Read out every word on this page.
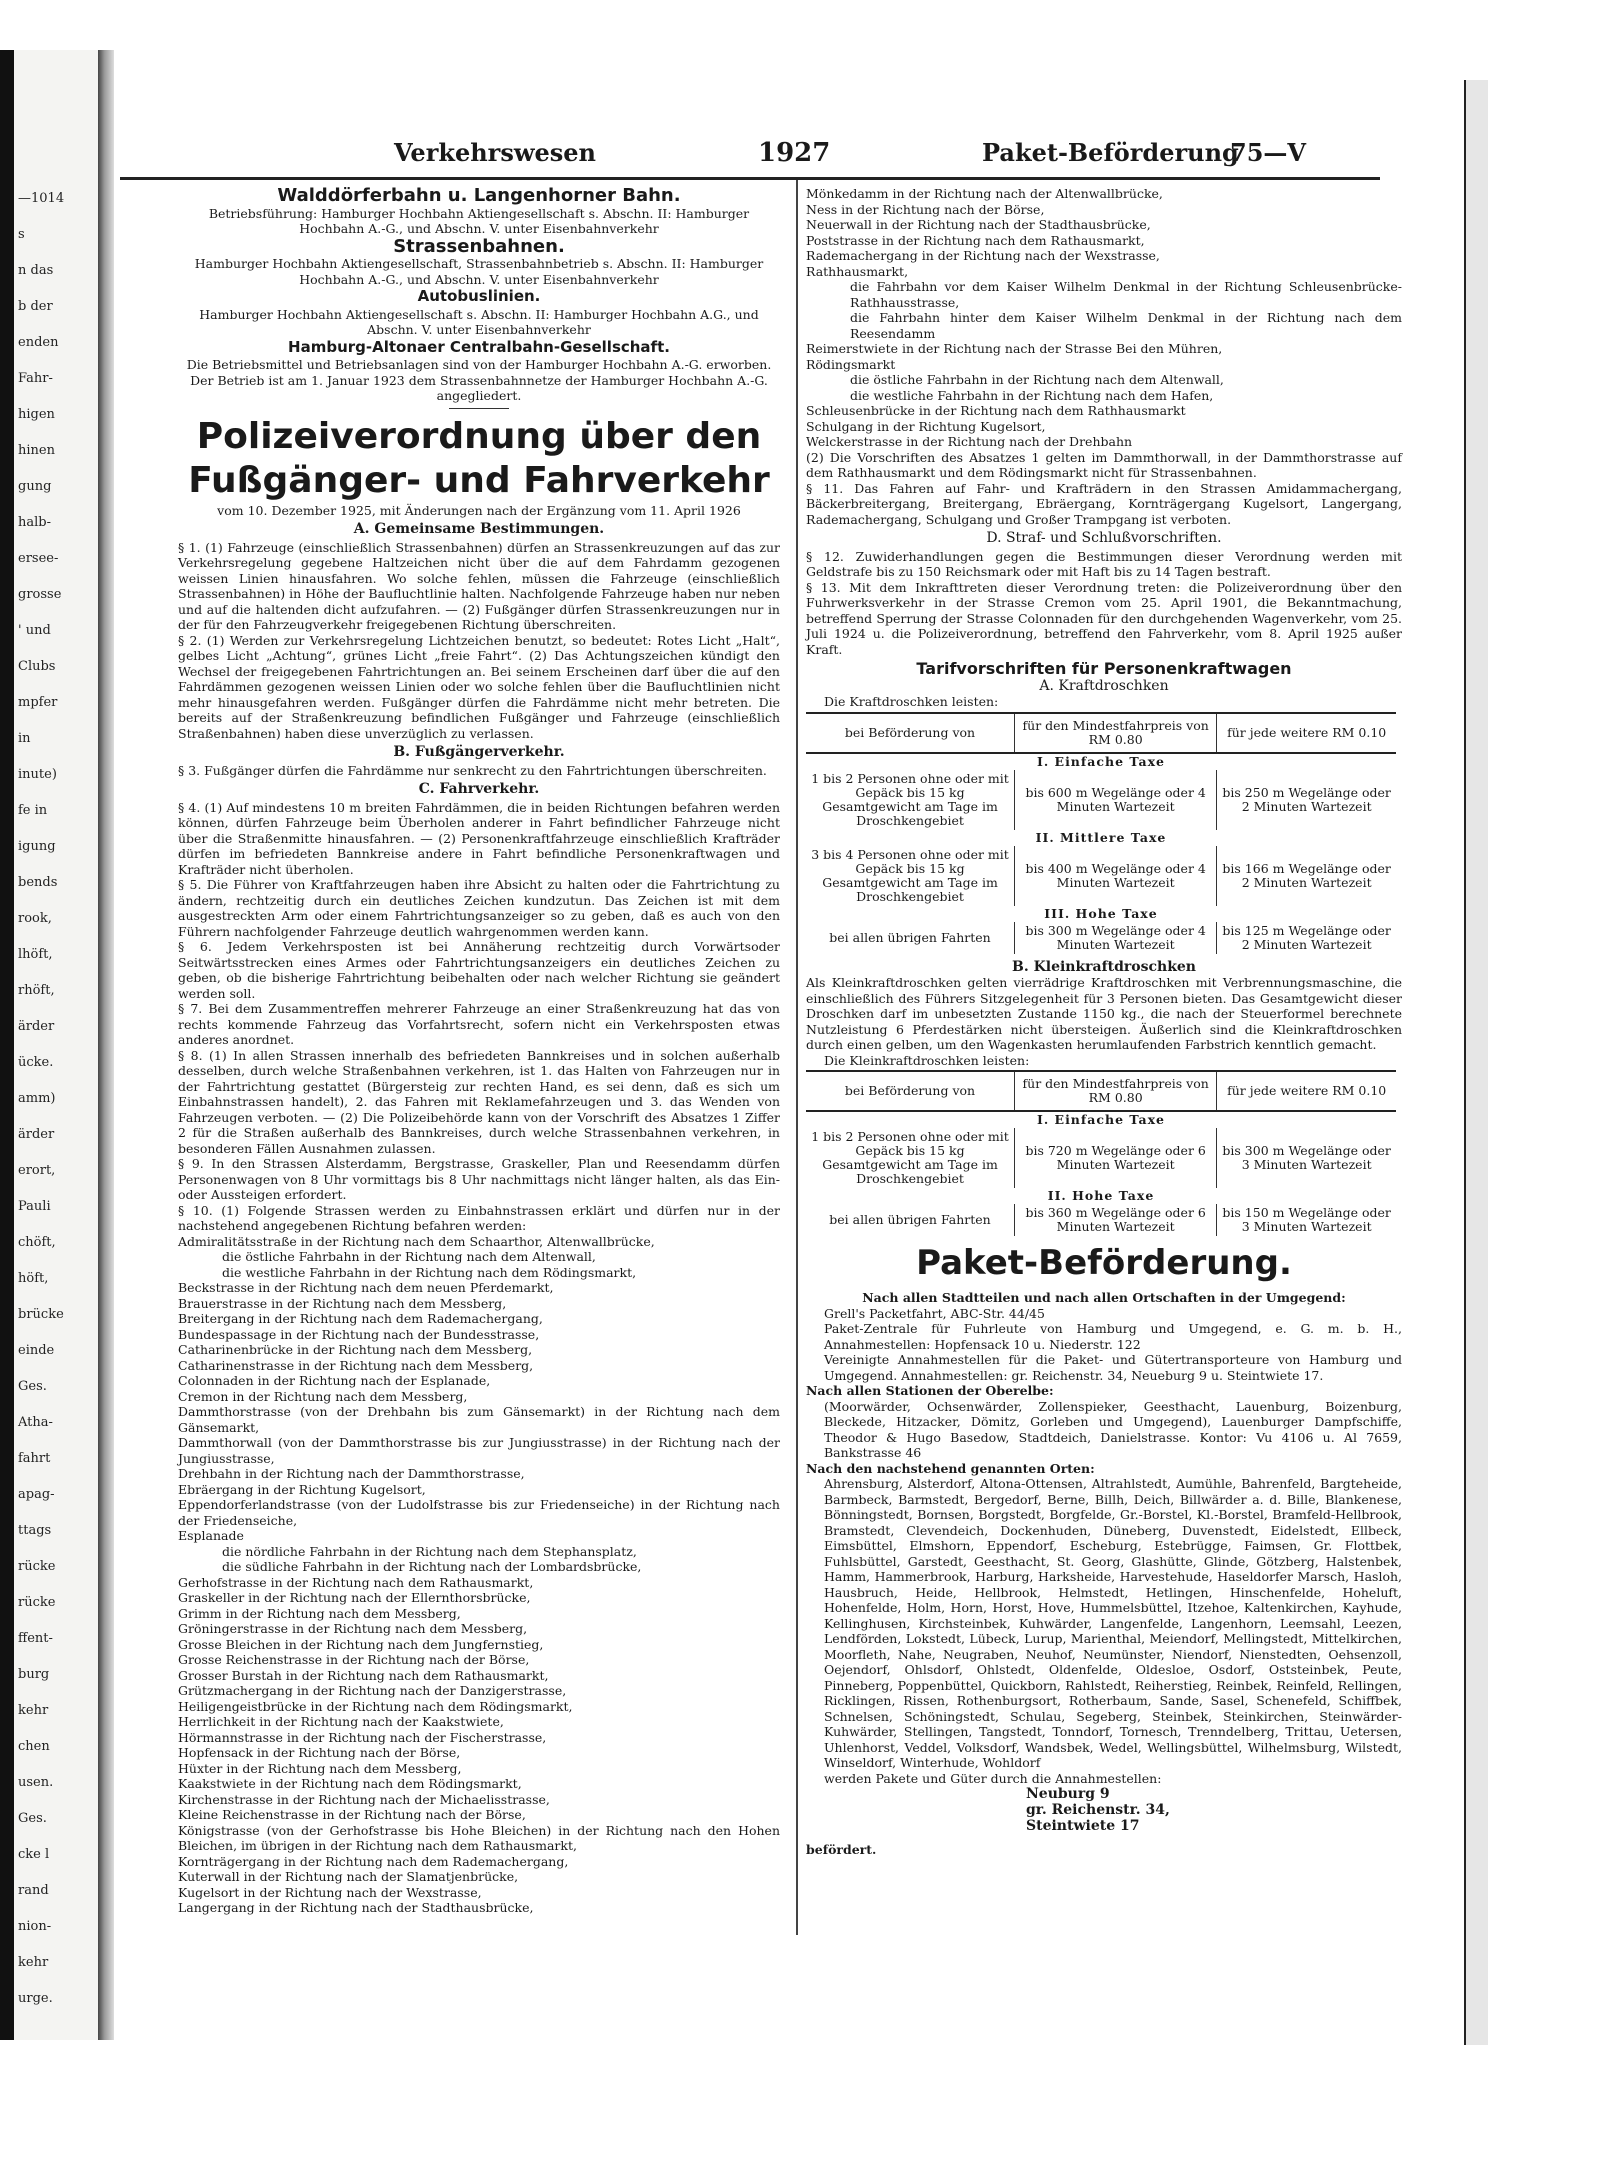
—1014
s
n das
b der
enden
Fahr-
higen
hinen
gung
halb-
ersee-
grosse
' und
Clubs
mpfer
in
inute)
fe in
igung
bends
rook,
lhöft,
rhöft,
ärder
ücke.
amm)
ärder
erort,
Pauli
chöft,
höft,
brücke
einde
Ges.
Atha-
fahrt
apag-
ttags
rücke
rücke
ffent-
burg
kehr
chen
usen.
Ges.
cke l
rand
nion-
kehr
urge.
Verkehrswesen	1927	Paket-Beförderung
75—V
Walddörferbahn u. Langenhorner Bahn.

Betriebsführung: Hamburger Hochbahn Aktiengesellschaft s. Abschn. II: Hamburger Hochbahn A.-G., und Abschn. V. unter Eisenbahnverkehr

Strassenbahnen.

Hamburger Hochbahn Aktiengesellschaft, Strassenbahnbetrieb s. Abschn. II: Hamburger Hochbahn A.-G., und Abschn. V. unter Eisenbahnverkehr

Autobuslinien.

Hamburger Hochbahn Aktiengesellschaft s. Abschn. II: Hamburger Hochbahn A.G., und Abschn. V. unter Eisenbahnverkehr

Hamburg-Altonaer Centralbahn-Gesellschaft.

Die Betriebsmittel und Betriebsanlagen sind von der Hamburger Hochbahn A.-G. erworben. Der Betrieb ist am 1. Januar 1923 dem Strassenbahnnetze der Hamburger Hochbahn A.-G. angegliedert.

Polizeiverordnung über den
Fußgänger- und Fahrverkehr

vom 10. Dezember 1925, mit Änderungen nach der Ergänzung vom 11. April 1926

A. Gemeinsame Bestimmungen.

§ 1. (1) Fahrzeuge (einschließlich Strassenbahnen) dürfen an Strassenkreuzungen auf das zur Verkehrsregelung gegebene Haltzeichen nicht über die auf dem Fahrdamm gezogenen weissen Linien hinausfahren. Wo solche fehlen, müssen die Fahrzeuge (einschließlich Strassenbahnen) in Höhe der Baufluchtlinie halten. Nachfolgende Fahrzeuge haben nur neben und auf die haltenden dicht aufzufahren. — (2) Fußgänger dürfen Strassenkreuzungen nur in der für den Fahrzeugverkehr freigegebenen Richtung überschreiten.

§ 2. (1) Werden zur Verkehrsregelung Lichtzeichen benutzt, so bedeutet: Rotes Licht „Halt“, gelbes Licht „Achtung“, grünes Licht „freie Fahrt“. (2) Das Achtungszeichen kündigt den Wechsel der freigegebenen Fahrtrichtungen an. Bei seinem Erscheinen darf über die auf den Fahrdämmen gezogenen weissen Linien oder wo solche fehlen über die Baufluchtlinien nicht mehr hinausgefahren werden. Fußgänger dürfen die Fahrdämme nicht mehr betreten. Die bereits auf der Straßenkreuzung befindlichen Fußgänger und Fahrzeuge (einschließlich Straßenbahnen) haben diese unverzüglich zu verlassen.

B. Fußgängerverkehr.

§ 3. Fußgänger dürfen die Fahrdämme nur senkrecht zu den Fahrtrichtungen überschreiten.

C. Fahrverkehr.

§ 4. (1) Auf mindestens 10 m breiten Fahrdämmen, die in beiden Richtungen befahren werden können, dürfen Fahrzeuge beim Überholen anderer in Fahrt befindlicher Fahrzeuge nicht über die Straßenmitte hinausfahren. — (2) Personenkraftfahrzeuge einschließlich Krafträder dürfen im befriedeten Bannkreise andere in Fahrt befindliche Personenkraftwagen und Krafträder nicht überholen.

§ 5. Die Führer von Kraftfahrzeugen haben ihre Absicht zu halten oder die Fahrtrichtung zu ändern, rechtzeitig durch ein deutliches Zeichen kundzutun. Das Zeichen ist mit dem ausgestreckten Arm oder einem Fahrtrichtungsanzeiger so zu geben, daß es auch von den Führern nachfolgender Fahrzeuge deutlich wahrgenommen werden kann.

§ 6. Jedem Verkehrsposten ist bei Annäherung rechtzeitig durch Vorwärtsoder Seitwärtsstrecken eines Armes oder Fahrtrichtungsanzeigers ein deutliches Zeichen zu geben, ob die bisherige Fahrtrichtung beibehalten oder nach welcher Richtung sie geändert werden soll.

§ 7. Bei dem Zusammentreffen mehrerer Fahrzeuge an einer Straßenkreuzung hat das von rechts kommende Fahrzeug das Vorfahrtsrecht, sofern nicht ein Verkehrsposten etwas anderes anordnet.

§ 8. (1) In allen Strassen innerhalb des befriedeten Bannkreises und in solchen außerhalb desselben, durch welche Straßenbahnen verkehren, ist 1. das Halten von Fahrzeugen nur in der Fahrtrichtung gestattet (Bürgersteig zur rechten Hand, es sei denn, daß es sich um Einbahnstrassen handelt), 2. das Fahren mit Reklamefahrzeugen und 3. das Wenden von Fahrzeugen verboten. — (2) Die Polizeibehörde kann von der Vorschrift des Absatzes 1 Ziffer 2 für die Straßen außerhalb des Bannkreises, durch welche Strassenbahnen verkehren, in besonderen Fällen Ausnahmen zulassen.

§ 9. In den Strassen Alsterdamm, Bergstrasse, Graskeller, Plan und Reesendamm dürfen Personenwagen von 8 Uhr vormittags bis 8 Uhr nachmittags nicht länger halten, als das Ein- oder Aussteigen erfordert.

§ 10. (1) Folgende Strassen werden zu Einbahnstrassen erklärt und dürfen nur in der nachstehend angegebenen Richtung befahren werden:

Admiralitätsstraße in der Richtung nach dem Schaarthor, Altenwallbrücke,

die östliche Fahrbahn in der Richtung nach dem Altenwall,

die westliche Fahrbahn in der Richtung nach dem Rödingsmarkt,

Beckstrasse in der Richtung nach dem neuen Pferdemarkt,

Brauerstrasse in der Richtung nach dem Messberg,

Breitergang in der Richtung nach dem Rademachergang,

Bundespassage in der Richtung nach der Bundesstrasse,

Catharinenbrücke in der Richtung nach dem Messberg,

Catharinenstrasse in der Richtung nach dem Messberg,

Colonnaden in der Richtung nach der Esplanade,

Cremon in der Richtung nach dem Messberg,

Dammthorstrasse (von der Drehbahn bis zum Gänsemarkt) in der Richtung nach dem Gänsemarkt,

Dammthorwall (von der Dammthorstrasse bis zur Jungiusstrasse) in der Richtung nach der Jungiusstrasse,

Drehbahn in der Richtung nach der Dammthorstrasse,

Ebräergang in der Richtung Kugelsort,

Eppendorferlandstrasse (von der Ludolfstrasse bis zur Friedenseiche) in der Richtung nach der Friedenseiche,

Esplanade

die nördliche Fahrbahn in der Richtung nach dem Stephansplatz,

die südliche Fahrbahn in der Richtung nach der Lombardsbrücke,

Gerhofstrasse in der Richtung nach dem Rathausmarkt,

Graskeller in der Richtung nach der Ellernthorsbrücke,

Grimm in der Richtung nach dem Messberg,

Gröningerstrasse in der Richtung nach dem Messberg,

Grosse Bleichen in der Richtung nach dem Jungfernstieg,

Grosse Reichenstrasse in der Richtung nach der Börse,

Grosser Burstah in der Richtung nach dem Rathausmarkt,

Grützmachergang in der Richtung nach der Danzigerstrasse,

Heiligengeistbrücke in der Richtung nach dem Rödingsmarkt,

Herrlichkeit in der Richtung nach der Kaakstwiete,

Hörmannstrasse in der Richtung nach der Fischerstrasse,

Hopfensack in der Richtung nach der Börse,

Hüxter in der Richtung nach dem Messberg,

Kaakstwiete in der Richtung nach dem Rödingsmarkt,

Kirchenstrasse in der Richtung nach der Michaelisstrasse,

Kleine Reichenstrasse in der Richtung nach der Börse,

Königstrasse (von der Gerhofstrasse bis Hohe Bleichen) in der Richtung nach den Hohen Bleichen, im übrigen in der Richtung nach dem Rathausmarkt,

Kornträgergang in der Richtung nach dem Rademachergang,

Kuterwall in der Richtung nach der Slamatjenbrücke,

Kugelsort in der Richtung nach der Wexstrasse,

Langergang in der Richtung nach der Stadthausbrücke,

Mönkedamm in der Richtung nach der Altenwallbrücke,

Ness in der Richtung nach der Börse,

Neuerwall in der Richtung nach der Stadthausbrücke,

Poststrasse in der Richtung nach dem Rathausmarkt,

Rademachergang in der Richtung nach der Wexstrasse,

Rathhausmarkt,

die Fahrbahn vor dem Kaiser Wilhelm Denkmal in der Richtung Schleusenbrücke-Rathhausstrasse,

die Fahrbahn hinter dem Kaiser Wilhelm Denkmal in der Richtung nach dem Reesendamm

Reimerstwiete in der Richtung nach der Strasse Bei den Mühren,

Rödingsmarkt

die östliche Fahrbahn in der Richtung nach dem Altenwall,

die westliche Fahrbahn in der Richtung nach dem Hafen,

Schleusenbrücke in der Richtung nach dem Rathhausmarkt

Schulgang in der Richtung Kugelsort,

Welckerstrasse in der Richtung nach der Drehbahn

(2) Die Vorschriften des Absatzes 1 gelten im Dammthorwall, in der Dammthorstrasse auf dem Rathhausmarkt und dem Rödingsmarkt nicht für Strassenbahnen.

§ 11. Das Fahren auf Fahr- und Krafträdern in den Strassen Amidammachergang, Bäckerbreitergang, Breitergang, Ebräergang, Kornträgergang Kugelsort, Langergang, Rademachergang, Schulgang und Großer Trampgang ist verboten.

D. Straf- und Schlußvorschriften.

§ 12. Zuwiderhandlungen gegen die Bestimmungen dieser Verordnung werden mit Geldstrafe bis zu 150 Reichsmark oder mit Haft bis zu 14 Tagen bestraft.

§ 13. Mit dem Inkrafttreten dieser Verordnung treten: die Polizeiverordnung über den Fuhrwerksverkehr in der Strasse Cremon vom 25. April 1901, die Bekanntmachung, betreffend Sperrung der Strasse Colonnaden für den durchgehenden Wagenverkehr, vom 25. Juli 1924 u. die Polizeiverordnung, betreffend den Fahrverkehr, vom 8. April 1925 außer Kraft.

Tarifvorschriften für Personenkraftwagen
A. Kraftdroschken

Die Kraftdroschken leisten:

bei Beförderung von	für den Mindestfahrpreis von RM 0.80	für jede weitere RM 0.10
I. Einfache Taxe		
1 bis 2 Personen ohne oder mit Gepäck bis 15 kg Gesamtgewicht am Tage im Droschkengebiet	bis 600 m Wegelänge oder 4 Minuten Wartezeit	bis 250 m Wegelänge oder 2 Minuten Wartezeit
II. Mittlere Taxe		
3 bis 4 Personen ohne oder mit Gepäck bis 15 kg Gesamtgewicht am Tage im Droschkengebiet	bis 400 m Wegelänge oder 4 Minuten Wartezeit	bis 166 m Wegelänge oder 2 Minuten Wartezeit
III. Hohe Taxe		
bei allen übrigen Fahrten	bis 300 m Wegelänge oder 4 Minuten Wartezeit	bis 125 m Wegelänge oder 2 Minuten Wartezeit
B. Kleinkraftdroschken

Als Kleinkraftdroschken gelten vierrädrige Kraftdroschken mit Verbrennungsmaschine, die einschließlich des Führers Sitzgelegenheit für 3 Personen bieten. Das Gesamtgewicht dieser Droschken darf im unbesetzten Zustande 1150 kg., die nach der Steuerformel berechnete Nutzleistung 6 Pferdestärken nicht übersteigen. Äußerlich sind die Kleinkraftdroschken durch einen gelben, um den Wagenkasten herumlaufenden Farbstrich kenntlich gemacht.

Die Kleinkraftdroschken leisten:

bei Beförderung von	für den Mindestfahrpreis von RM 0.80	für jede weitere RM 0.10
I. Einfache Taxe		
1 bis 2 Personen ohne oder mit Gepäck bis 15 kg Gesamtgewicht am Tage im Droschkengebiet	bis 720 m Wegelänge oder 6 Minuten Wartezeit	bis 300 m Wegelänge oder 3 Minuten Wartezeit
II. Hohe Taxe		
bei allen übrigen Fahrten	bis 360 m Wegelänge oder 6 Minuten Wartezeit	bis 150 m Wegelänge oder 3 Minuten Wartezeit
Paket-Beförderung.

Nach allen Stadtteilen und nach allen Ortschaften in der Umgegend:

Grell's Packetfahrt, ABC-Str. 44/45

Paket-Zentrale für Fuhrleute von Hamburg und Umgegend, e. G. m. b. H., Annahmestellen: Hopfensack 10 u. Niederstr. 122

Vereinigte Annahmestellen für die Paket- und Gütertransporteure von Hamburg und Umgegend. Annahmestellen: gr. Reichenstr. 34, Neueburg 9 u. Steintwiete 17.

Nach allen Stationen der Oberelbe:

(Moorwärder, Ochsenwärder, Zollenspieker, Geesthacht, Lauenburg, Boizenburg, Bleckede, Hitzacker, Dömitz, Gorleben und Umgegend), Lauenburger Dampfschiffe, Theodor & Hugo Basedow, Stadtdeich, Danielstrasse. Kontor: Vu 4106 u. Al 7659, Bankstrasse 46

Nach den nachstehend genannten Orten:

Ahrensburg, Alsterdorf, Altona-Ottensen, Altrahlstedt, Aumühle, Bahrenfeld, Bargteheide, Barmbeck, Barmstedt, Bergedorf, Berne, Billh, Deich, Billwärder a. d. Bille, Blankenese, Bönningstedt, Bornsen, Borgstedt, Borgfelde, Gr.-Borstel, Kl.-Borstel, Bramfeld-Hellbrook, Bramstedt, Clevendeich, Dockenhuden, Düneberg, Duvenstedt, Eidelstedt, Ellbeck, Eimsbüttel, Elmshorn, Eppendorf, Escheburg, Estebrügge, Faimsen, Gr. Flottbek, Fuhlsbüttel, Garstedt, Geesthacht, St. Georg, Glashütte, Glinde, Götzberg, Halstenbek, Hamm, Hammerbrook, Harburg, Harksheide, Harvestehude, Haseldorfer Marsch, Hasloh, Hausbruch, Heide, Hellbrook, Helmstedt, Hetlingen, Hinschenfelde, Hoheluft, Hohenfelde, Holm, Horn, Horst, Hove, Hummelsbüttel, Itzehoe, Kaltenkirchen, Kayhude, Kellinghusen, Kirchsteinbek, Kuhwärder, Langenfelde, Langenhorn, Leemsahl, Leezen, Lendförden, Lokstedt, Lübeck, Lurup, Marienthal, Meiendorf, Mellingstedt, Mittelkirchen, Moorfleth, Nahe, Neugraben, Neuhof, Neumünster, Niendorf, Nienstedten, Oehsenzoll, Oejendorf, Ohlsdorf, Ohlstedt, Oldenfelde, Oldesloe, Osdorf, Oststeinbek, Peute, Pinneberg, Poppenbüttel, Quickborn, Rahlstedt, Reiherstieg, Reinbek, Reinfeld, Rellingen, Ricklingen, Rissen, Rothenburgsort, Rotherbaum, Sande, Sasel, Schenefeld, Schiffbek, Schnelsen, Schöningstedt, Schulau, Segeberg, Steinbek, Steinkirchen, Steinwärder-Kuhwärder, Stellingen, Tangstedt, Tonndorf, Tornesch, Trenndelberg, Trittau, Uetersen, Uhlenhorst, Veddel, Volksdorf, Wandsbek, Wedel, Wellingsbüttel, Wilhelmsburg, Wilstedt, Winseldorf, Winterhude, Wohldorf

werden Pakete und Güter durch die Annahmestellen:

Neuburg 9
gr. Reichenstr. 34,
Steintwiete 17

befördert.
